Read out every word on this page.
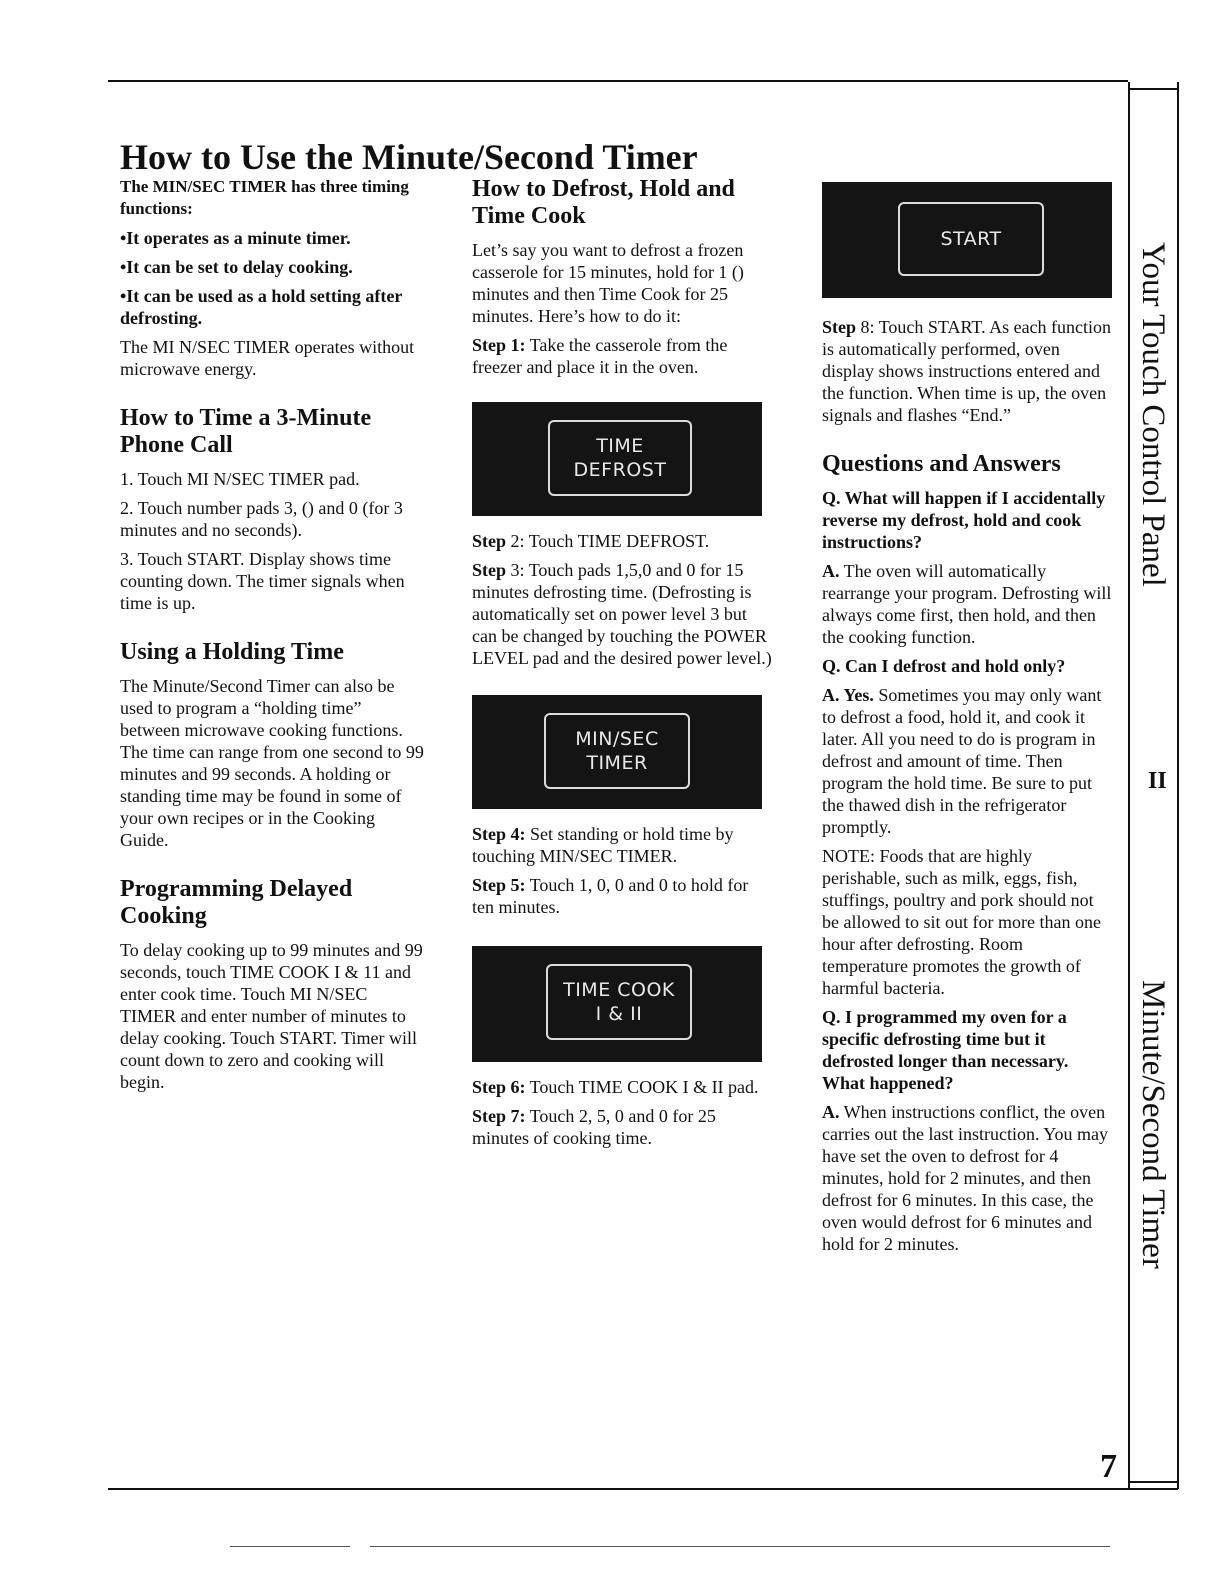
Your Touch Control Panel
II
Minute/Second Timer
7
How to Use the Minute/Second Timer

The MIN/SEC TIMER has three timing functions:

•It operates as a minute timer.

•It can be set to delay cooking.

•It can be used as a hold setting after defrosting.

The MI N/SEC TIMER operates without microwave energy.

How to Time a 3-Minute Phone Call

1. Touch MI N/SEC TIMER pad.

2. Touch number pads 3, () and 0 (for 3 minutes and no seconds).

3. Touch START. Display shows time counting down. The timer signals when time is up.

Using a Holding Time

The Minute/Second Timer can also be used to program a “holding time” between microwave cooking functions. The time can range from one second to 99 minutes and 99 seconds. A holding or standing time may be found in some of your own recipes or in the Cooking Guide.

Programming Delayed Cooking

To delay cooking up to 99 minutes and 99 seconds, touch TIME COOK I & 11 and enter cook time. Touch MI N/SEC TIMER and enter number of minutes to delay cooking. Touch START. Timer will count down to zero and cooking will begin.

How to Defrost, Hold and Time Cook

Let’s say you want to defrost a frozen casserole for 15 minutes, hold for 1 () minutes and then Time Cook for 25 minutes. Here’s how to do it:

Step 1: Take the casserole from the freezer and place it in the oven.

TIME
DEFROST

Step 2: Touch TIME DEFROST.

Step 3: Touch pads 1,5,0 and 0 for 15 minutes defrosting time. (Defrosting is automatically set on power level 3 but can be changed by touching the POWER LEVEL pad and the desired power level.)

MIN/SEC
TIMER

Step 4: Set standing or hold time by touching MIN/SEC TIMER.

Step 5: Touch 1, 0, 0 and 0 to hold for ten minutes.

TIME COOK
I & II

Step 6: Touch TIME COOK I & II pad.

Step 7: Touch 2, 5, 0 and 0 for 25 minutes of cooking time.

START

Step 8: Touch START. As each function is automatically performed, oven display shows instructions entered and the function. When time is up, the oven signals and flashes “End.”

Questions and Answers

Q. What will happen if I accidentally reverse my defrost, hold and cook instructions?

A. The oven will automatically rearrange your program. Defrosting will always come first, then hold, and then the cooking function.

Q. Can I defrost and hold only?

A. Yes. Sometimes you may only want to defrost a food, hold it, and cook it later. All you need to do is program in defrost and amount of time. Then program the hold time. Be sure to put the thawed dish in the refrigerator promptly.

NOTE: Foods that are highly perishable, such as milk, eggs, fish, stuffings, poultry and pork should not be allowed to sit out for more than one hour after defrosting. Room temperature promotes the growth of harmful bacteria.

Q. I programmed my oven for a specific defrosting time but it defrosted longer than necessary. What happened?

A. When instructions conflict, the oven carries out the last instruction. You may have set the oven to defrost for 4 minutes, hold for 2 minutes, and then defrost for 6 minutes. In this case, the oven would defrost for 6 minutes and hold for 2 minutes.
